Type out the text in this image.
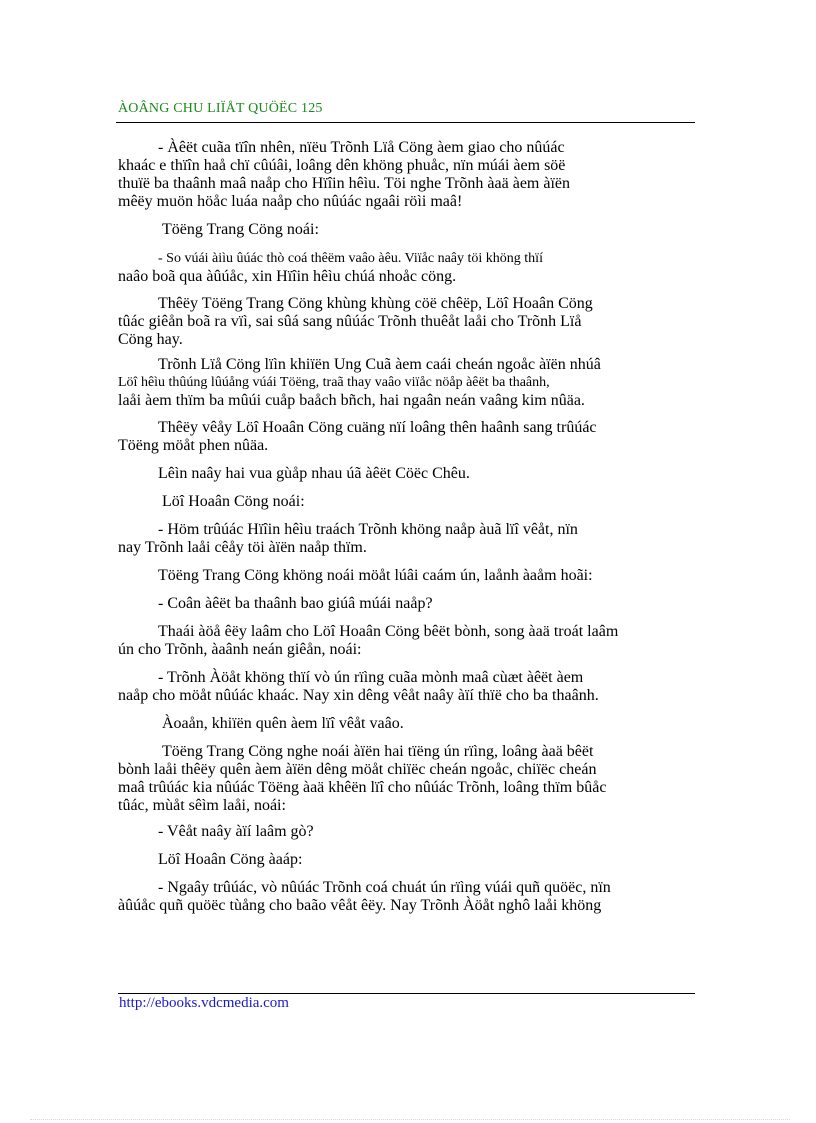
ÀOÂNG CHU LIÏÅT QUÖËC 125
- Àêët cuãa tïîn nhên, nïëu Trõnh Lïå Cöng àem giao cho nûúác
khaác e thïîn haå chï cûúâi, loâng dên khöng phuåc, nïn múái àem söë
thuïë ba thaânh maâ naåp cho Hïîin hêìu. Töi nghe Trõnh àaä àem àïën
mêëy muön höåc luáa naåp cho nûúác ngaâi röìi maâ!
Töëng Trang Cöng noái:
- So vúái àiìu ûúác thò coá thêëm vaâo àêu. Viïåc naây töi khöng thïí
naâo boã qua àûúåc, xin Hïîin hêìu chúá nhoåc cöng.
Thêëy Töëng Trang Cöng khùng khùng cöë chêëp, Löî Hoaân Cöng
tûác giêån boã ra vïì, sai sûá sang nûúác Trõnh thuêåt laåi cho Trõnh Lïå
Cöng hay.
Trõnh Lïå Cöng lïìn khiïën Ung Cuã àem caái cheán ngoåc àïën nhúâ
Löî hêìu thûúng lûúång vúái Töëng, traã thay vaâo viïåc nöåp àêët ba thaânh,
laåi àem thïm ba mûúi cuåp baåch bñch, hai ngaân neán vaâng kim nûäa.
Thêëy vêåy Löî Hoaân Cöng cuäng nïí loâng thên haânh sang trûúác
Töëng möåt phen nûäa.
Lêìn naây hai vua gùåp nhau úã àêët Cöëc Chêu.
Löî Hoaân Cöng noái:
- Höm trûúác Hïîin hêìu traách Trõnh khöng naåp àuã lïî vêåt, nïn
nay Trõnh laåi cêåy töi àïën naåp thïm.
Töëng Trang Cöng khöng noái möåt lúâi caám ún, laånh àaåm hoãi:
- Coân àêët ba thaânh bao giúâ múái naåp?
Thaái àöå êëy laâm cho Löî Hoaân Cöng bêët bònh, song àaä troát laâm
ún cho Trõnh, àaânh neán giêån, noái:
- Trõnh Àöåt khöng thïí vò ún rïìng cuãa mònh maâ cùæt àêët àem
naåp cho möåt nûúác khaác. Nay xin dêng vêåt naây àïí thïë cho ba thaânh.
Àoaån, khiïën quên àem lïî vêåt vaâo.
Töëng Trang Cöng nghe noái àïën hai tïëng ún rïìng, loâng àaä bêët
bònh laåi thêëy quên àem àïën dêng möåt chiïëc cheán ngoåc, chiïëc cheán
maâ trûúác kia nûúác Töëng àaä khêën lïî cho nûúác Trõnh, loâng thïm bûåc
tûác, mùåt sêìm laåi, noái:
- Vêåt naây àïí laâm gò?
Löî Hoaân Cöng àaáp:
- Ngaây trûúác, vò nûúác Trõnh coá chuát ún rïìng vúái quñ quöëc, nïn
àûúåc quñ quöëc tùång cho baão vêåt êëy. Nay Trõnh Àöåt nghô laåi khöng
http://ebooks.vdcmedia.com
